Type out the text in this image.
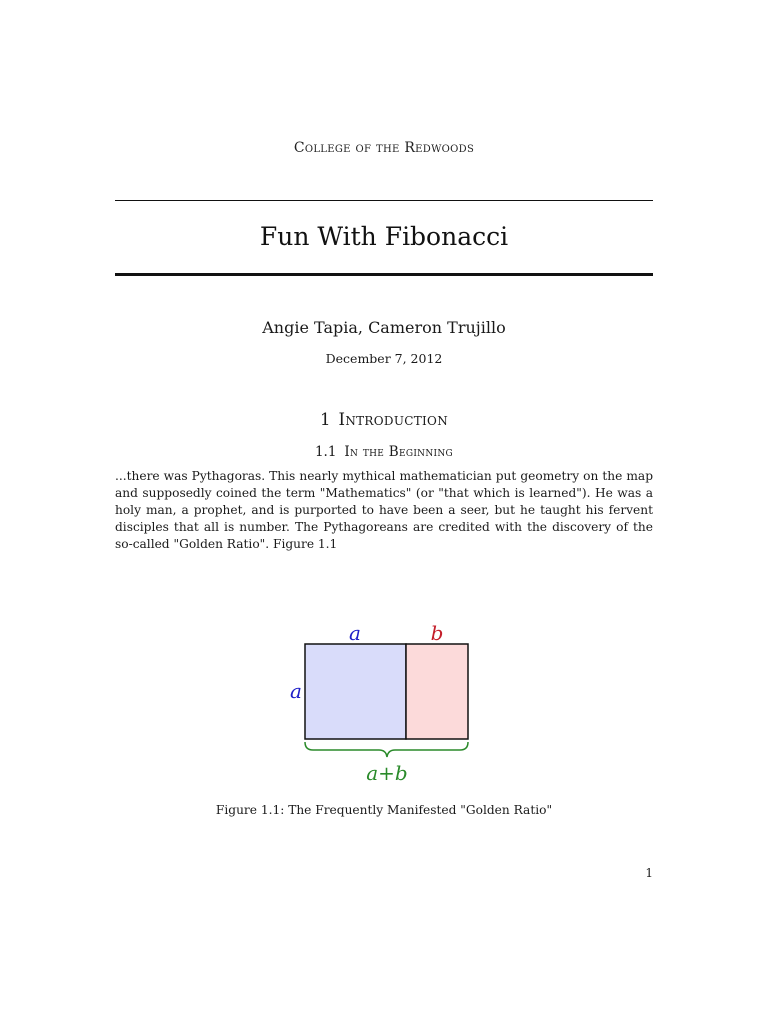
College of the Redwoods
Fun With Fibonacci
Angie Tapia, Cameron Trujillo
December 7, 2012
1 Introduction
1.1 In the Beginning
...there was Pythagoras. This nearly mythical mathematician put geometry on the map and supposedly coined the term "Mathematics" (or "that which is learned"). He was a holy man, a prophet, and is purported to have been a seer, but he taught his fervent disciples that all is number. The Pythagoreans are credited with the discovery of the so-called "Golden Ratio". Figure 1.1
a	b
a
a+b
Figure 1.1: The Frequently Manifested "Golden Ratio"
1
